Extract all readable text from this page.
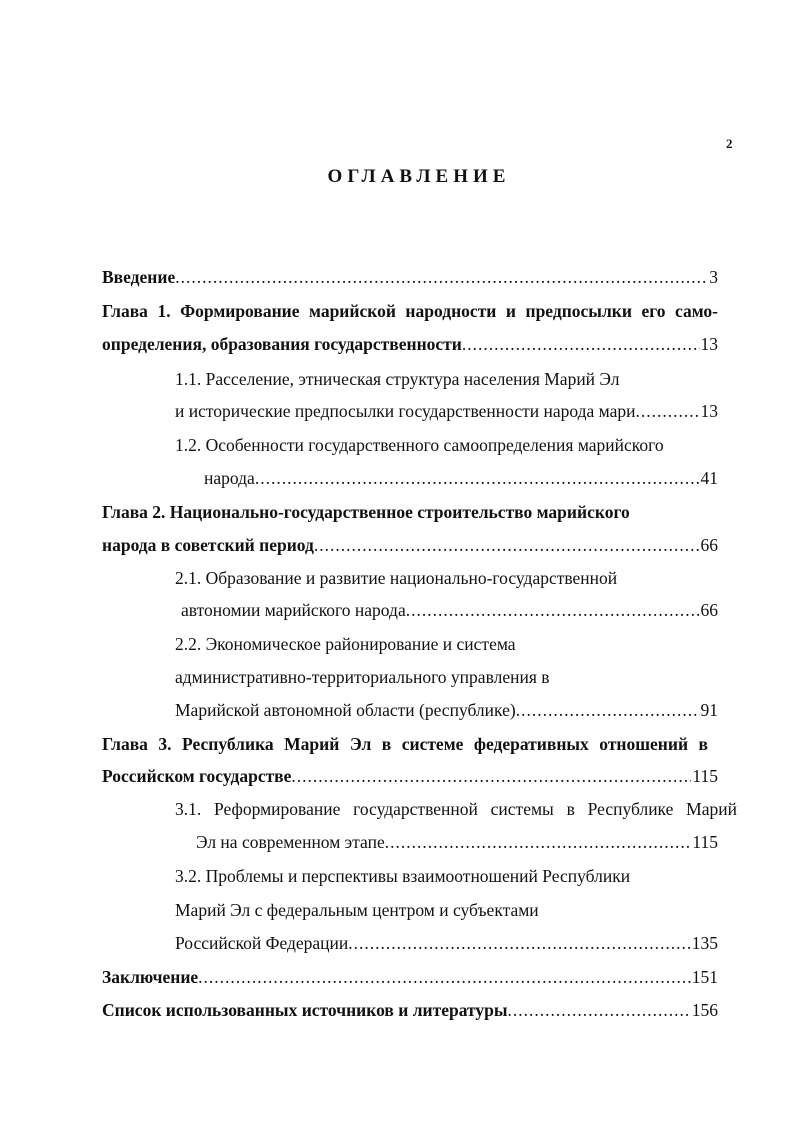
2
ОГЛАВЛЕНИЕ
Введение .....	3
Глава 1. Формирование марийской народности и предпосылки его само-
определения, образования государственности .....	13
1.1. Расселение, этническая структура населения Марий Эл
и исторические предпосылки государственности народа мари .....	13
1.2. Особенности государственного самоопределения марийского
народа .....	41
Глава 2. Национально-государственное строительство марийского
народа в советский период .....	66
2.1. Образование и развитие национально-государственной
автономии марийского народа .....	66
2.2. Экономическое районирование и система
административно-территориального управления в
Марийской автономной области (республике) .....	91
Глава 3. Республика Марий Эл в системе федеративных отношений в
Российском государстве .....	115
3.1. Реформирование государственной системы в Республике Марий
Эл на современном этапе .....	115
3.2. Проблемы и перспективы взаимоотношений Республики
Марий Эл с федеральным центром и субъектами
Российской Федерации .....	135
Заключение .....	151
Список использованных источников и литературы .....	156
